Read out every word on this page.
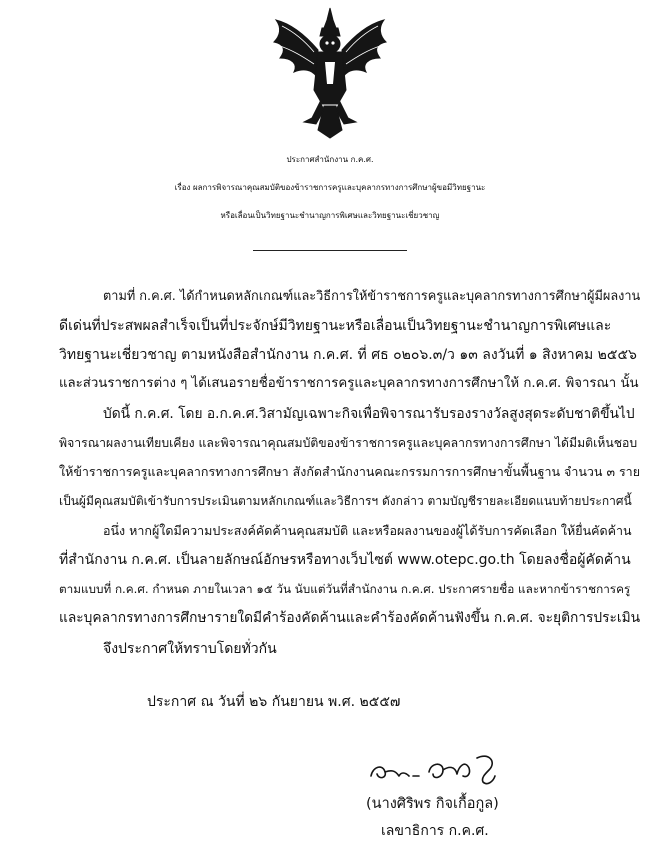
ประกาศสำนักงาน ก.ค.ศ.
เรื่อง ผลการพิจารณาคุณสมบัติของข้าราชการครูและบุคลากรทางการศึกษาผู้ขอมีวิทยฐานะ
หรือเลื่อนเป็นวิทยฐานะชำนาญการพิเศษและวิทยฐานะเชี่ยวชาญ
ตามที่ ก.ค.ศ. ได้กำหนดหลักเกณฑ์และวิธีการให้ข้าราชการครูและบุคลากรทางการศึกษาผู้มีผลงาน
ดีเด่นที่ประสพผลสำเร็จเป็นที่ประจักษ์มีวิทยฐานะหรือเลื่อนเป็นวิทยฐานะชำนาญการพิเศษและ
วิทยฐานะเชี่ยวชาญ ตามหนังสือสำนักงาน ก.ค.ศ. ที่ ศธ ๐๒๐๖.๓/ว ๑๓ ลงวันที่ ๑ สิงหาคม ๒๕๕๖
และส่วนราชการต่าง ๆ ได้เสนอรายชื่อข้าราชการครูและบุคลากรทางการศึกษาให้ ก.ค.ศ. พิจารณา นั้น
บัดนี้ ก.ค.ศ. โดย อ.ก.ค.ศ.วิสามัญเฉพาะกิจเพื่อพิจารณารับรองรางวัลสูงสุดระดับชาติขึ้นไป
พิจารณาผลงานเทียบเคียง และพิจารณาคุณสมบัติของข้าราชการครูและบุคลากรทางการศึกษา ได้มีมติเห็นชอบ
ให้ข้าราชการครูและบุคลากรทางการศึกษา สังกัดสำนักงานคณะกรรมการการศึกษาขั้นพื้นฐาน จำนวน ๓ ราย
เป็นผู้มีคุณสมบัติเข้ารับการประเมินตามหลักเกณฑ์และวิธีการฯ ดังกล่าว ตามบัญชีรายละเอียดแนบท้ายประกาศนี้
อนึ่ง หากผู้ใดมีความประสงค์คัดค้านคุณสมบัติ และหรือผลงานของผู้ได้รับการคัดเลือก ให้ยื่นคัดค้าน
ที่สำนักงาน ก.ค.ศ. เป็นลายลักษณ์อักษรหรือทางเว็บไซต์ www.otepc.go.th โดยลงชื่อผู้คัดค้าน
ตามแบบที่ ก.ค.ศ. กำหนด ภายในเวลา ๑๕ วัน นับแต่วันที่สำนักงาน ก.ค.ศ. ประกาศรายชื่อ และหากข้าราชการครู
และบุคลากรทางการศึกษารายใดมีคำร้องคัดค้านและคำร้องคัดค้านฟังขึ้น ก.ค.ศ. จะยุติการประเมิน
จึงประกาศให้ทราบโดยทั่วกัน
ประกาศ ณ วันที่ ๒๖ กันยายน พ.ศ. ๒๕๕๗
(นางศิริพร กิจเกื้อกูล)
เลขาธิการ ก.ค.ศ.
